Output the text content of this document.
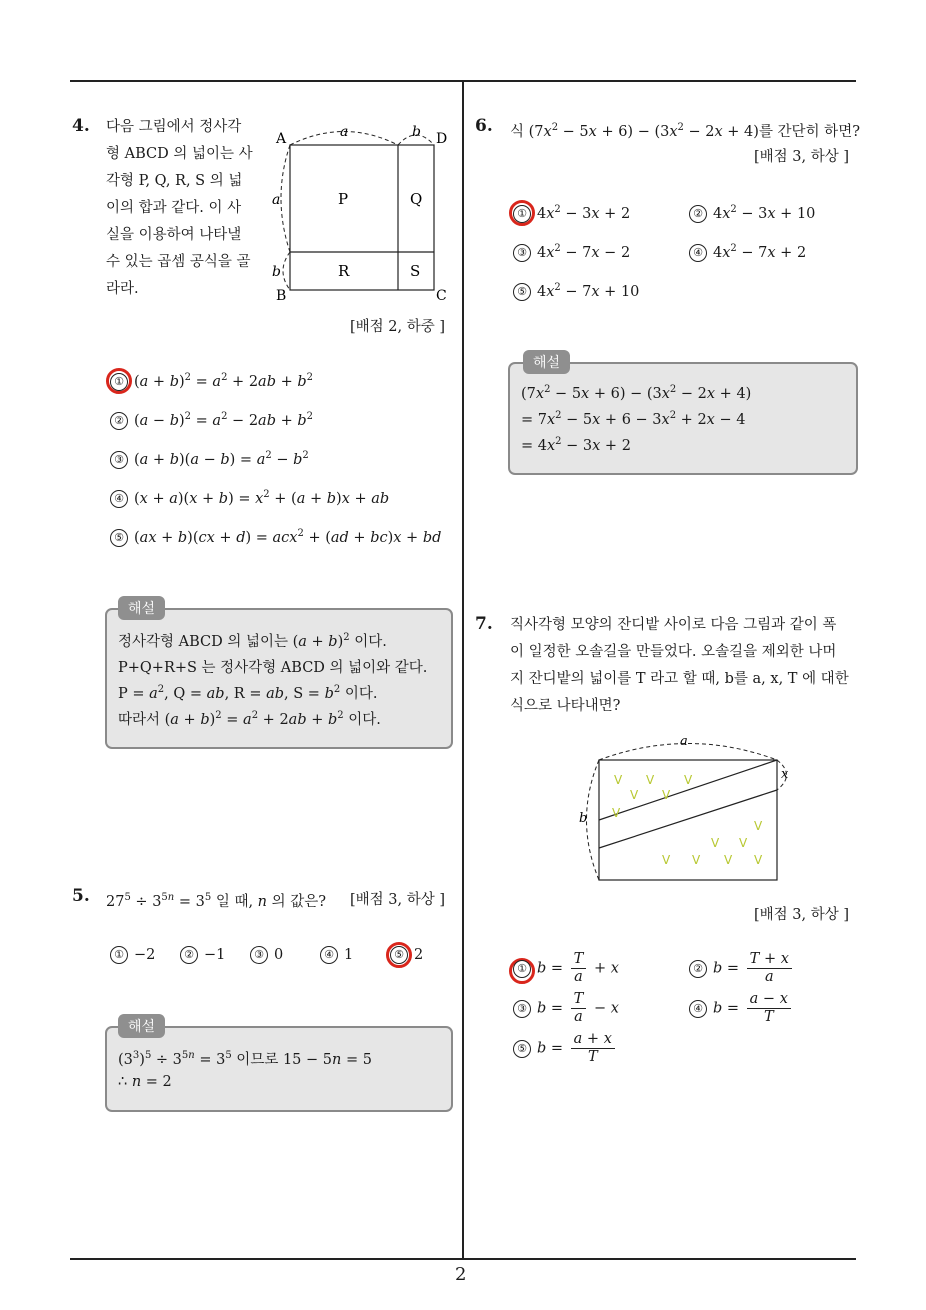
2
4. 다음 그림에서 정사각
형 ABCD 의 넓이는 사
각형 P, Q, R, S 의 넓
이의 합과 같다. 이 사
실을 이용하여 나타낼
수 있는 곱셈 공식을 골
라라.
A	D
B	C
a	b
a
b
P	Q
R	S
[배점 2, 하중 ]
① $(a + b)^2 = a^2 + 2ab + b^2$
② $(a - b)^2 = a^2 - 2ab + b^2$
③ $(a + b)(a - b) = a^2 - b^2$
④ $(x + a)(x + b) = x^2 + (a + b)x$ + ab
⑤ (ax + b)(cx + d) = acx$^2$ + (ad + bc)x + bd
해설
정사각형 ABCD 의 넓이는 $(a + b)^2$ 이다.
P+Q+R+S 는 정사각형 ABCD 의 넓이와 같다.
$P = a^2$, Q = ab, R = ab, $S = b^2$ 이다.
따라서 $(a + b)^2 = a^2 + 2ab + b^2$ 이다.
5. $27^5 \div 3^{5n} = 3^5$ 일 때, n 의 값은? [배점 3, 하상 ]
① −2	② −1	③ 0	④ 1	⑤ 2
해설
$(3^3)^5 \div 3^{5n} = 3^5$ 이므로 15 − 5n = 5
∴ n = 2
6. 식 $(7x^2 - 5x + 6) - (3x^2 - 2x + 4)$를 간단히 하면?
[배점 3, 하상 ]
① $4x^2 - 3x + 2$	② $4x^2 - 3x + 10$
③ $4x^2 - 7x - 2$	④ $4x^2 - 7x + 2$
⑤ $4x^2 - 7x + 10$
해설
$(7x^2 - 5x + 6) - (3x^2 - 2x + 4)$
= $7x^2 - 5x + 6 - 3x^2 + 2x - 4$
= $4x^2 - 3x + 2$
7. 직사각형 모양의 잔디밭 사이로 다음 그림과 같이 폭
이 일정한 오솔길을 만들었다. 오솔길을 제외한 나머
지 잔디밭의 넓이를 T 라고 할 때, b를 a, x, T 에 대한
식으로 나타내면?
a
b
x
V V V
V V
V
V
V V
V V V V
[배점 3, 하상 ]
① $b = \frac{T}{a} + x$	② $b = \frac{T + x}{a}$
③ $b = \frac{T}{a} - x$	④ $b = \frac{a - x}{T}$
⑤ $b = \frac{a + x}{T}$
